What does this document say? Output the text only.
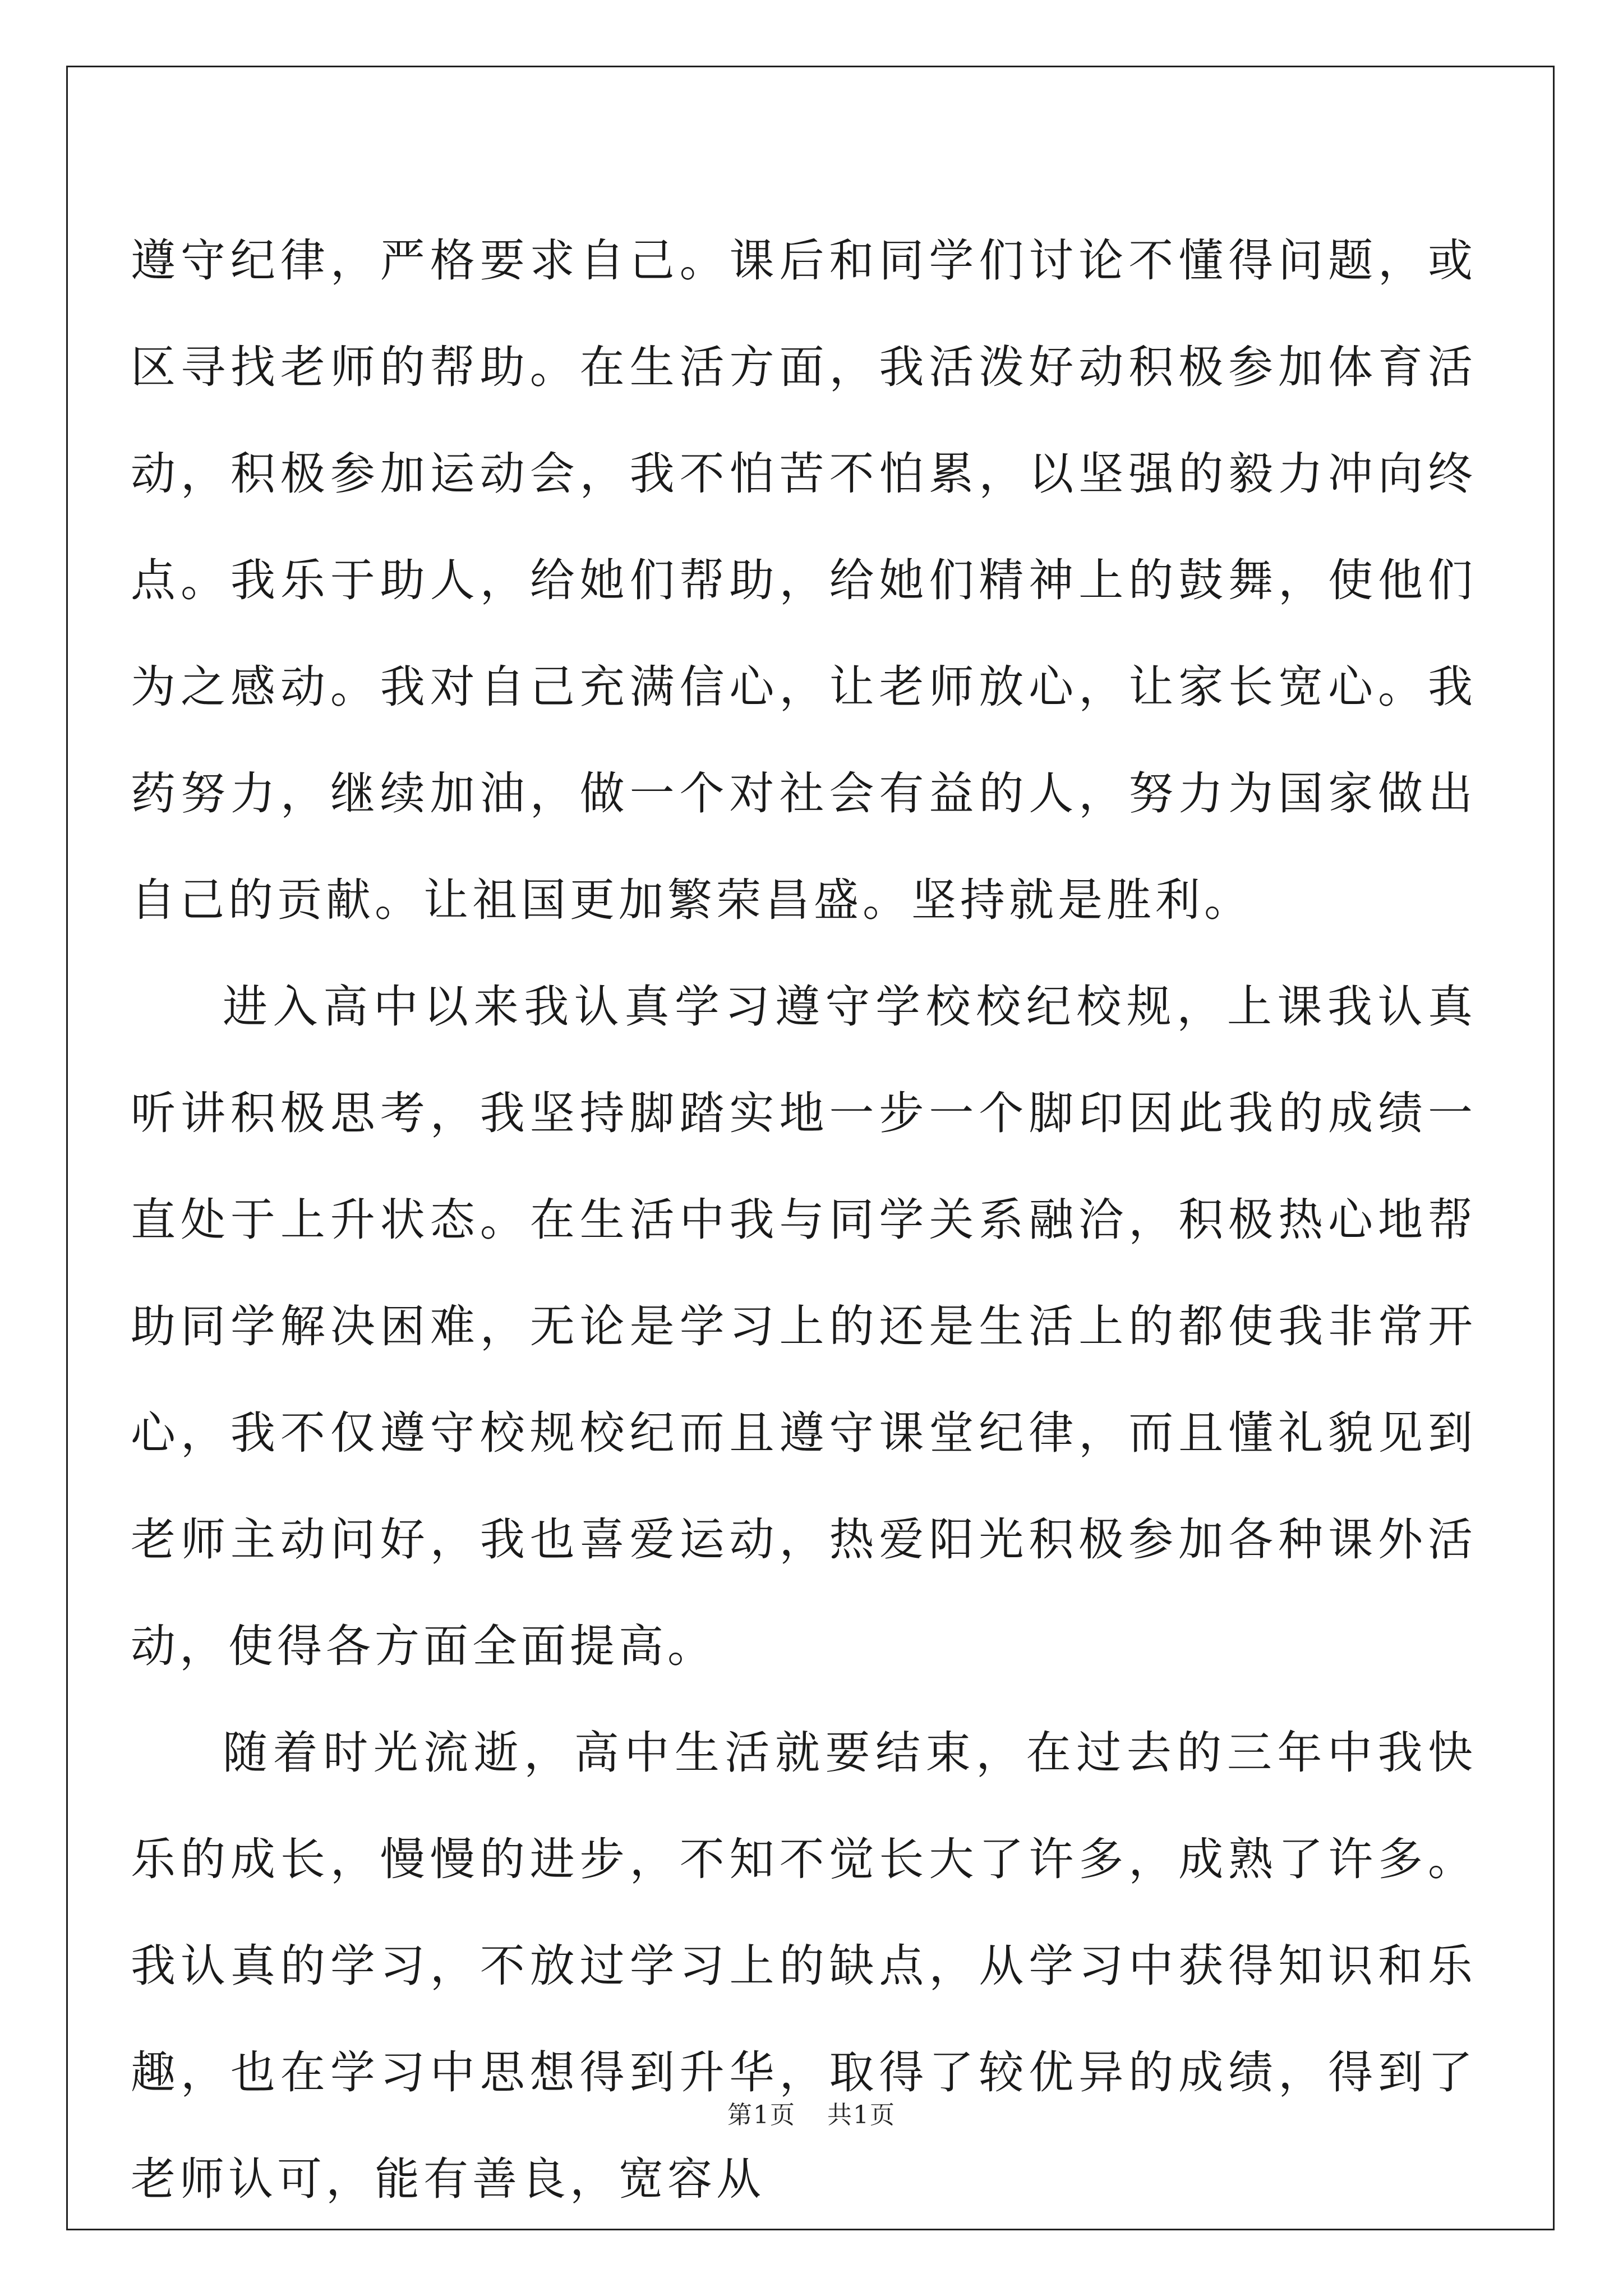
遵守纪律，严格要求自己。课后和同学们讨论不懂得问题，或区寻找老师的帮助。在生活方面，我活泼好动积极参加体育活动，积极参加运动会，我不怕苦不怕累，以坚强的毅力冲向终点。我乐于助人，给她们帮助，给她们精神上的鼓舞，使他们为之感动。我对自己充满信心，让老师放心，让家长宽心。我药努力，继续加油，做一个对社会有益的人，努力为国家做出自己的贡献。让祖国更加繁荣昌盛。坚持就是胜利。

进入高中以来我认真学习遵守学校校纪校规，上课我认真听讲积极思考，我坚持脚踏实地一步一个脚印因此我的成绩一直处于上升状态。在生活中我与同学关系融洽，积极热心地帮助同学解决困难，无论是学习上的还是生活上的都使我非常开心，我不仅遵守校规校纪而且遵守课堂纪律，而且懂礼貌见到老师主动问好，我也喜爱运动，热爱阳光积极参加各种课外活动，使得各方面全面提高。

随着时光流逝，高中生活就要结束，在过去的三年中我快乐的成长，慢慢的进步，不知不觉长大了许多，成熟了许多。我认真的学习，不放过学习上的缺点，从学习中获得知识和乐趣，也在学习中思想得到升华，取得了较优异的成绩，得到了老师认可，能有善良，宽容从

第1页 共1页
